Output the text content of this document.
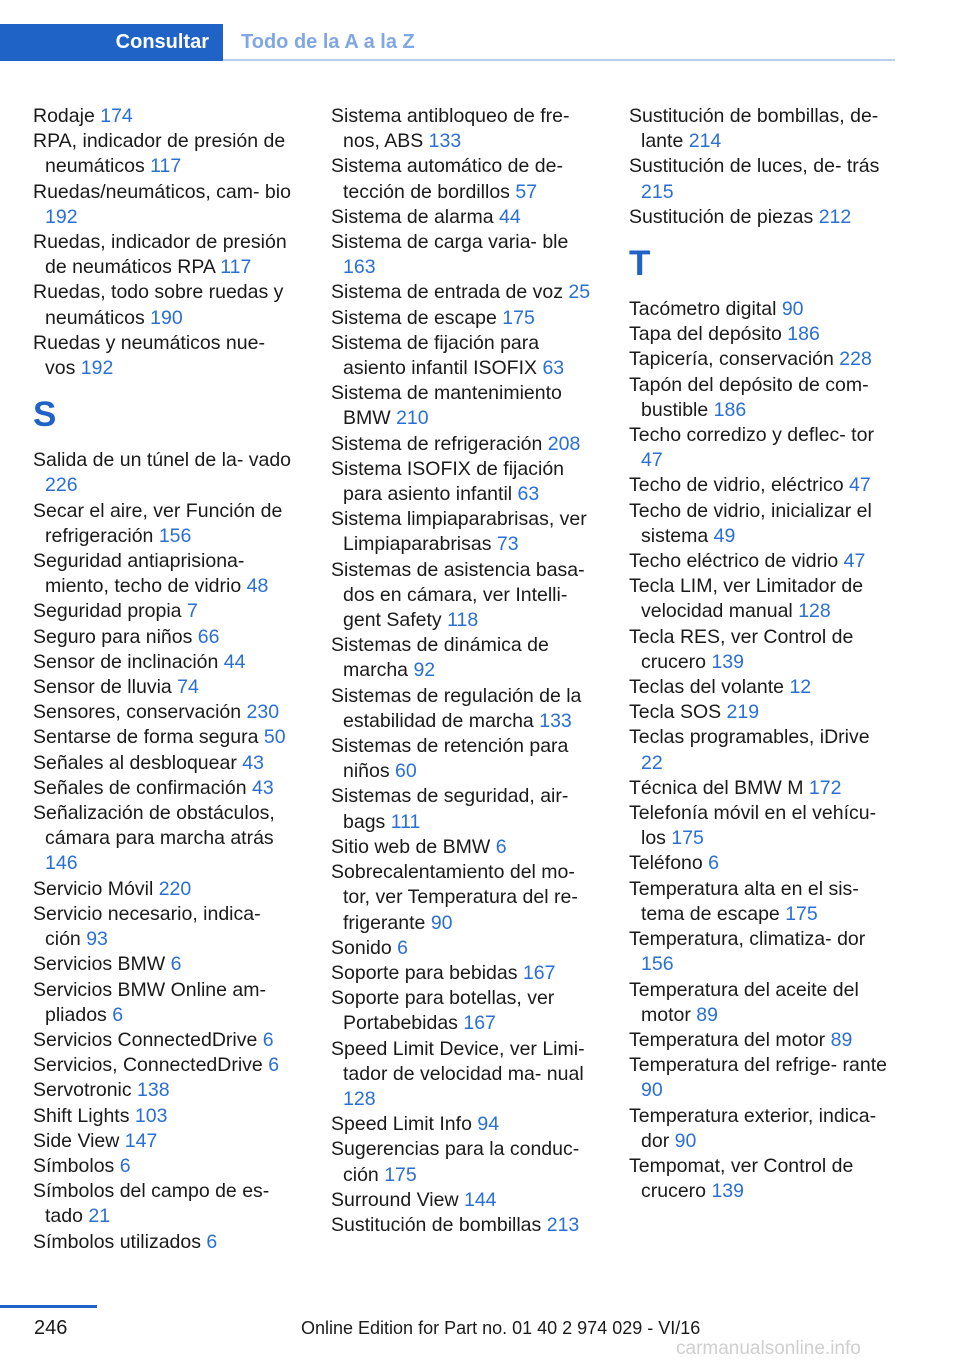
Consultar	Todo de la A a la Z
Rodaje 174
RPA, indicador de presión de neumáticos 117
Ruedas/neumáticos, cam‐ bio 192
Ruedas, indicador de presión de neumáticos RPA 117
Ruedas, todo sobre ruedas y neumáticos 190
Ruedas y neumáticos nue‐ vos 192
S
Salida de un túnel de la‐ vado 226
Secar el aire, ver Función de refrigeración 156
Seguridad antiaprisiona‐ miento, techo de vidrio 48
Seguridad propia 7
Seguro para niños 66
Sensor de inclinación 44
Sensor de lluvia 74
Sensores, conservación 230
Sentarse de forma segura 50
Señales al desbloquear 43
Señales de confirmación 43
Señalización de obstáculos, cámara para marcha atrás 146
Servicio Móvil 220
Servicio necesario, indica‐ ción 93
Servicios BMW 6
Servicios BMW Online am‐ pliados 6
Servicios ConnectedDrive 6
Servicios, ConnectedDrive 6
Servotronic 138
Shift Lights 103
Side View 147
Símbolos 6
Símbolos del campo de es‐ tado 21
Símbolos utilizados 6
Sistema antibloqueo de fre‐ nos, ABS 133
Sistema automático de de‐ tección de bordillos 57
Sistema de alarma 44
Sistema de carga varia‐ ble 163
Sistema de entrada de voz 25
Sistema de escape 175
Sistema de fijación para asiento infantil ISOFIX 63
Sistema de mantenimiento BMW 210
Sistema de refrigeración 208
Sistema ISOFIX de fijación para asiento infantil 63
Sistema limpiaparabrisas, ver Limpiaparabrisas 73
Sistemas de asistencia basa‐ dos en cámara, ver Intelli‐ gent Safety 118
Sistemas de dinámica de marcha 92
Sistemas de regulación de la estabilidad de marcha 133
Sistemas de retención para niños 60
Sistemas de seguridad, air‐ bags 111
Sitio web de BMW 6
Sobrecalentamiento del mo‐ tor, ver Temperatura del re‐ frigerante 90
Sonido 6
Soporte para bebidas 167
Soporte para botellas, ver Portabebidas 167
Speed Limit Device, ver Limi‐ tador de velocidad ma‐ nual 128
Speed Limit Info 94
Sugerencias para la conduc‐ ción 175
Surround View 144
Sustitución de bombillas 213
Sustitución de bombillas, de‐ lante 214
Sustitución de luces, de‐ trás 215
Sustitución de piezas 212
T
Tacómetro digital 90
Tapa del depósito 186
Tapicería, conservación 228
Tapón del depósito de com‐ bustible 186
Techo corredizo y deflec‐ tor 47
Techo de vidrio, eléctrico 47
Techo de vidrio, inicializar el sistema 49
Techo eléctrico de vidrio 47
Tecla LIM, ver Limitador de velocidad manual 128
Tecla RES, ver Control de crucero 139
Teclas del volante 12
Tecla SOS 219
Teclas programables, iDrive 22
Técnica del BMW M 172
Telefonía móvil en el vehícu‐ los 175
Teléfono 6
Temperatura alta en el sis‐ tema de escape 175
Temperatura, climatiza‐ dor 156
Temperatura del aceite del motor 89
Temperatura del motor 89
Temperatura del refrige‐ rante 90
Temperatura exterior, indica‐ dor 90
Tempomat, ver Control de crucero 139
246	Online Edition for Part no. 01 40 2 974 029 - VI/16
carmanualsonline.info
